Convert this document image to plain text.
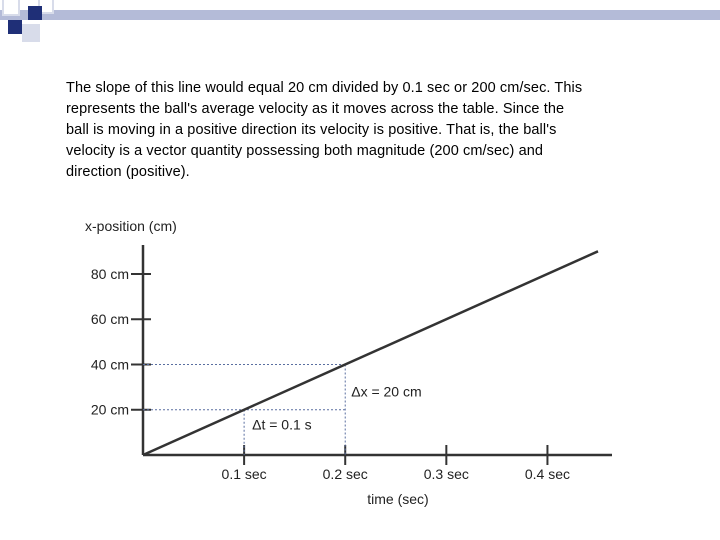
The slope of this line would equal 20 cm divided by 0.1 sec or 200 cm/sec. This
represents the ball's average velocity as it moves across the table. Since the
ball is moving in a positive direction its velocity is positive. That is, the ball's
velocity is a vector quantity possessing both magnitude (200 cm/sec) and
direction (positive).
x-position (cm)
time (sec)
20 cm
40 cm
60 cm
80 cm
0.1 sec	0.2 sec	0.3 sec	0.4 sec
Δx = 20 cm
Δt = 0.1 s
